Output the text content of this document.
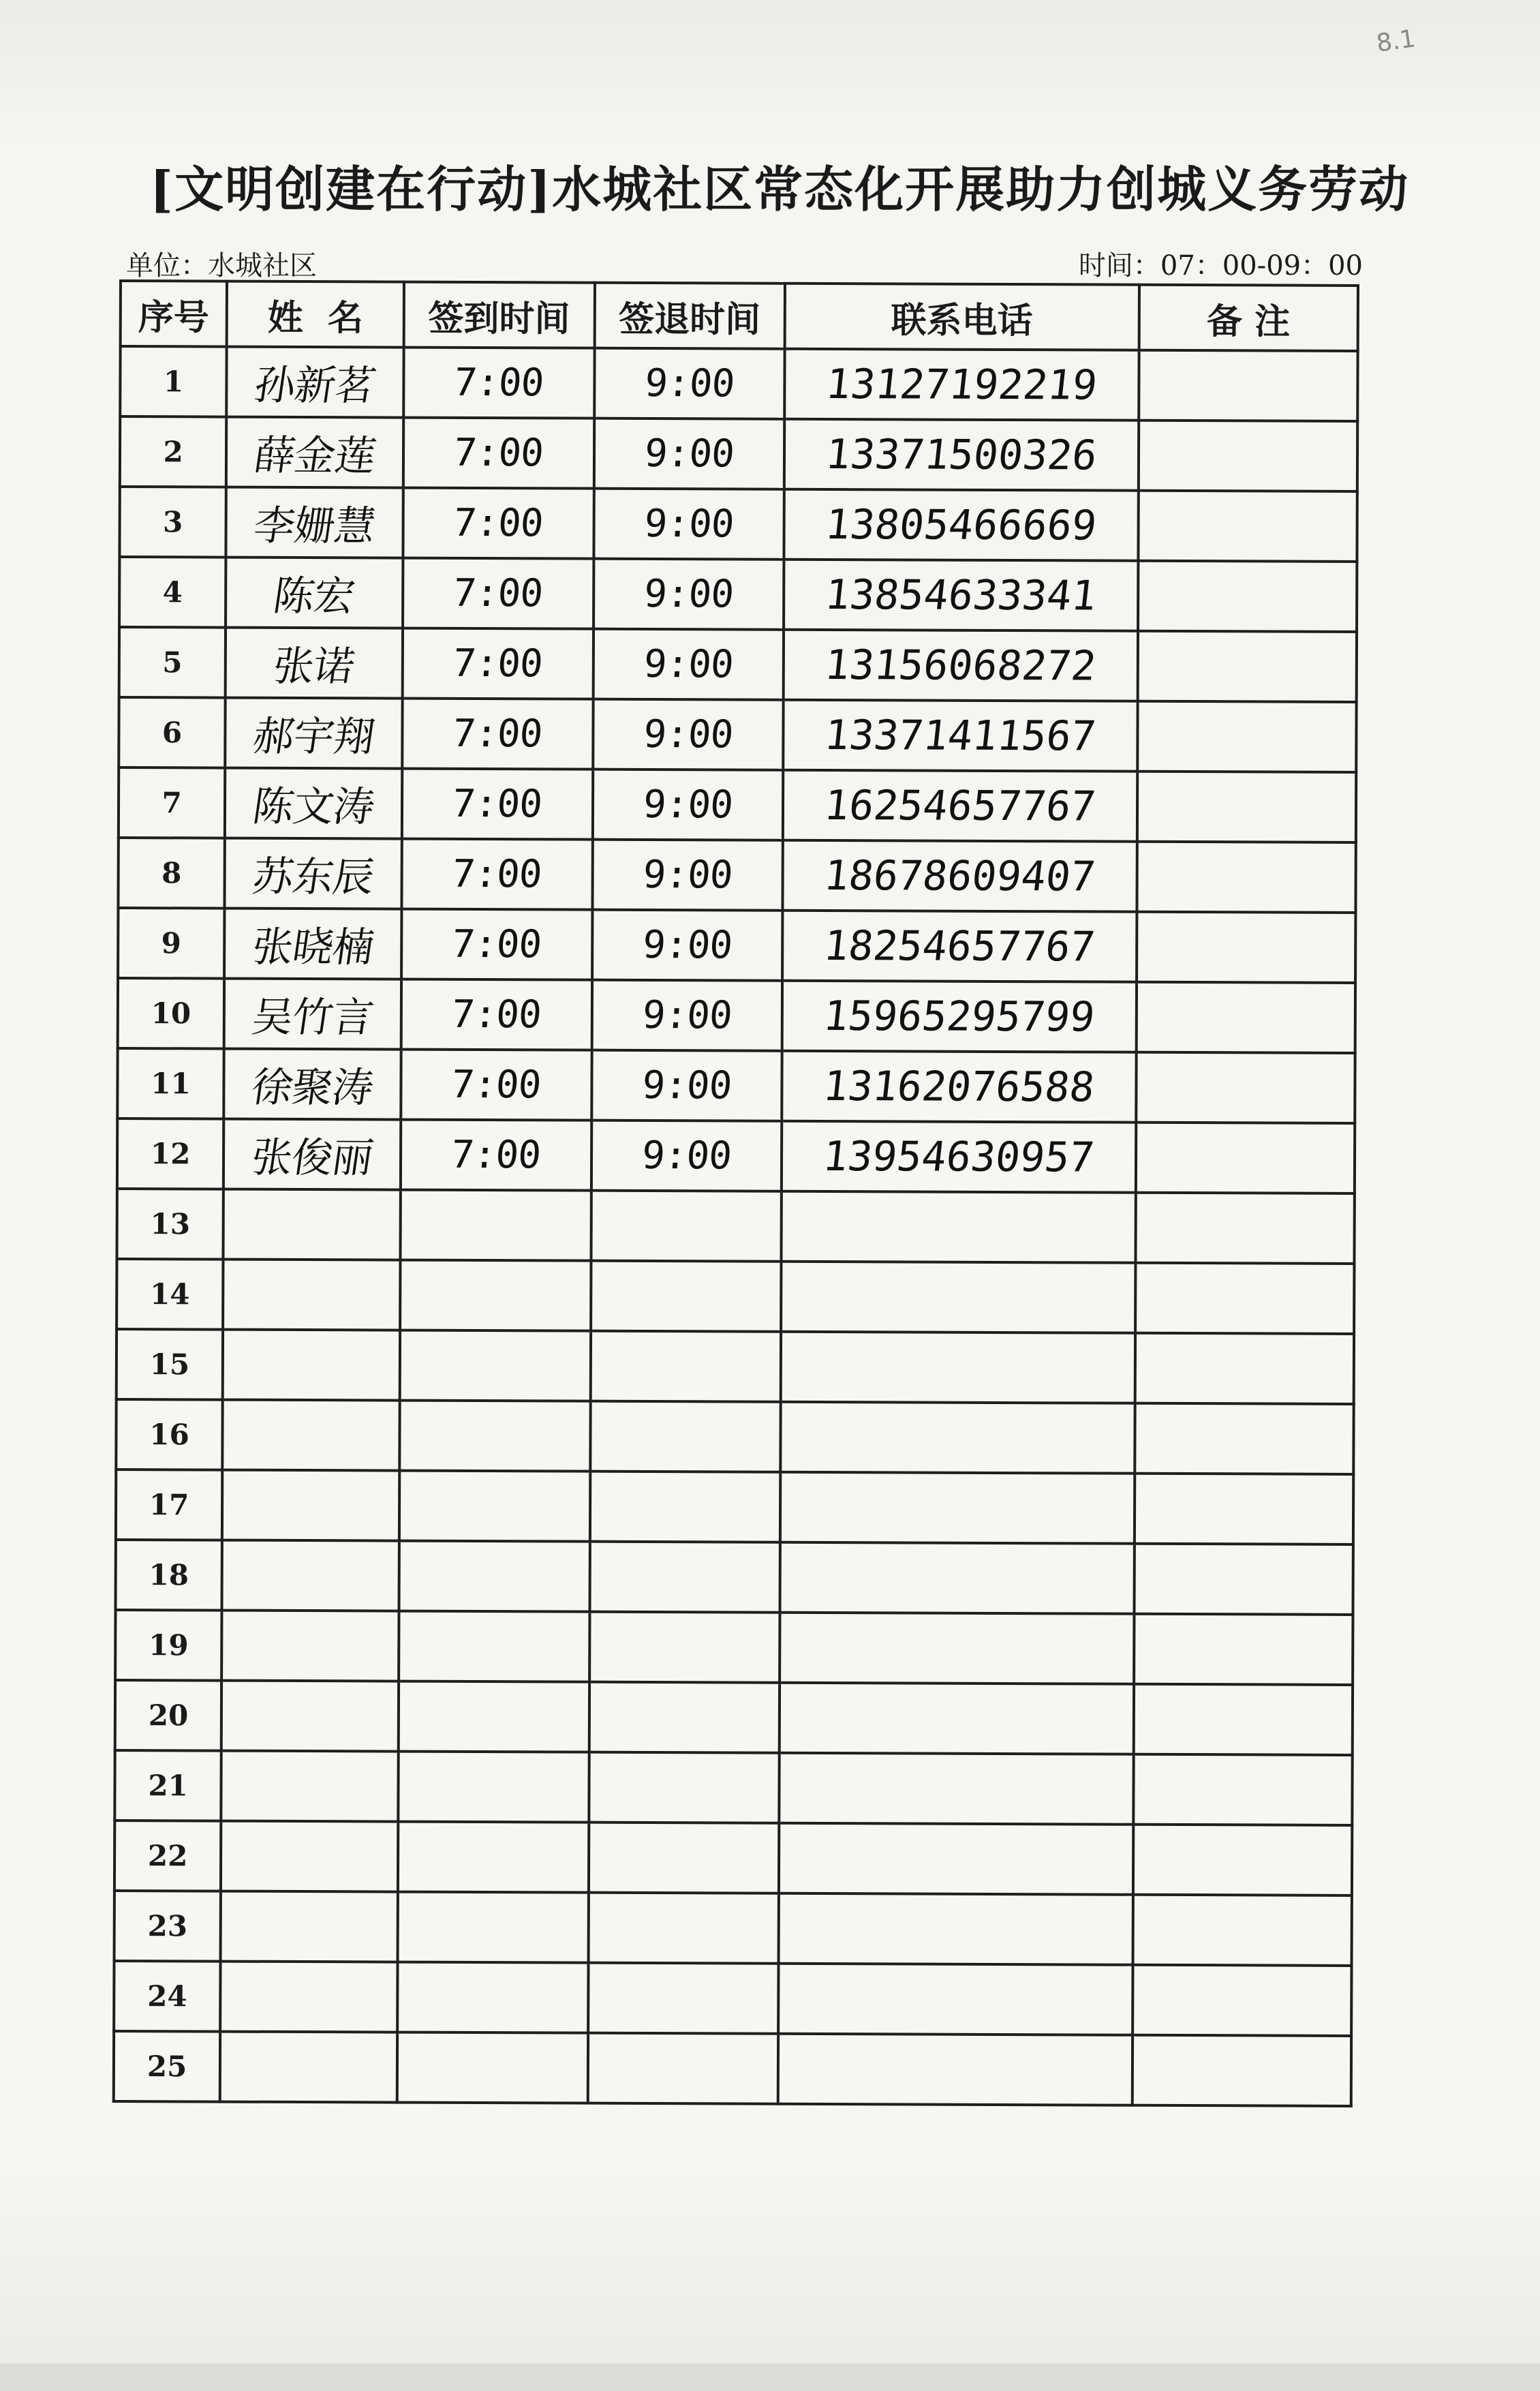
8.1
[文明创建在行动]水城社区常态化开展助力创城义务劳动
单位：水城社区	时间：07：00-09：00
序号	姓  名	签到时间	签退时间	联系电话	备 注
1	孙新茗	7:00	9:00	13127192219	
2	薛金莲	7:00	9:00	13371500326	
3	李姗慧	7:00	9:00	13805466669	
4	陈宏	7:00	9:00	13854633341	
5	张诺	7:00	9:00	13156068272	
6	郝宇翔	7:00	9:00	13371411567	
7	陈文涛	7:00	9:00	16254657767	
8	苏东辰	7:00	9:00	18678609407	
9	张晓楠	7:00	9:00	18254657767	
10	吴竹言	7:00	9:00	15965295799	
11	徐聚涛	7:00	9:00	13162076588	
12	张俊丽	7:00	9:00	13954630957	
13					
14					
15					
16					
17					
18					
19					
20					
21					
22					
23					
24					
25					
